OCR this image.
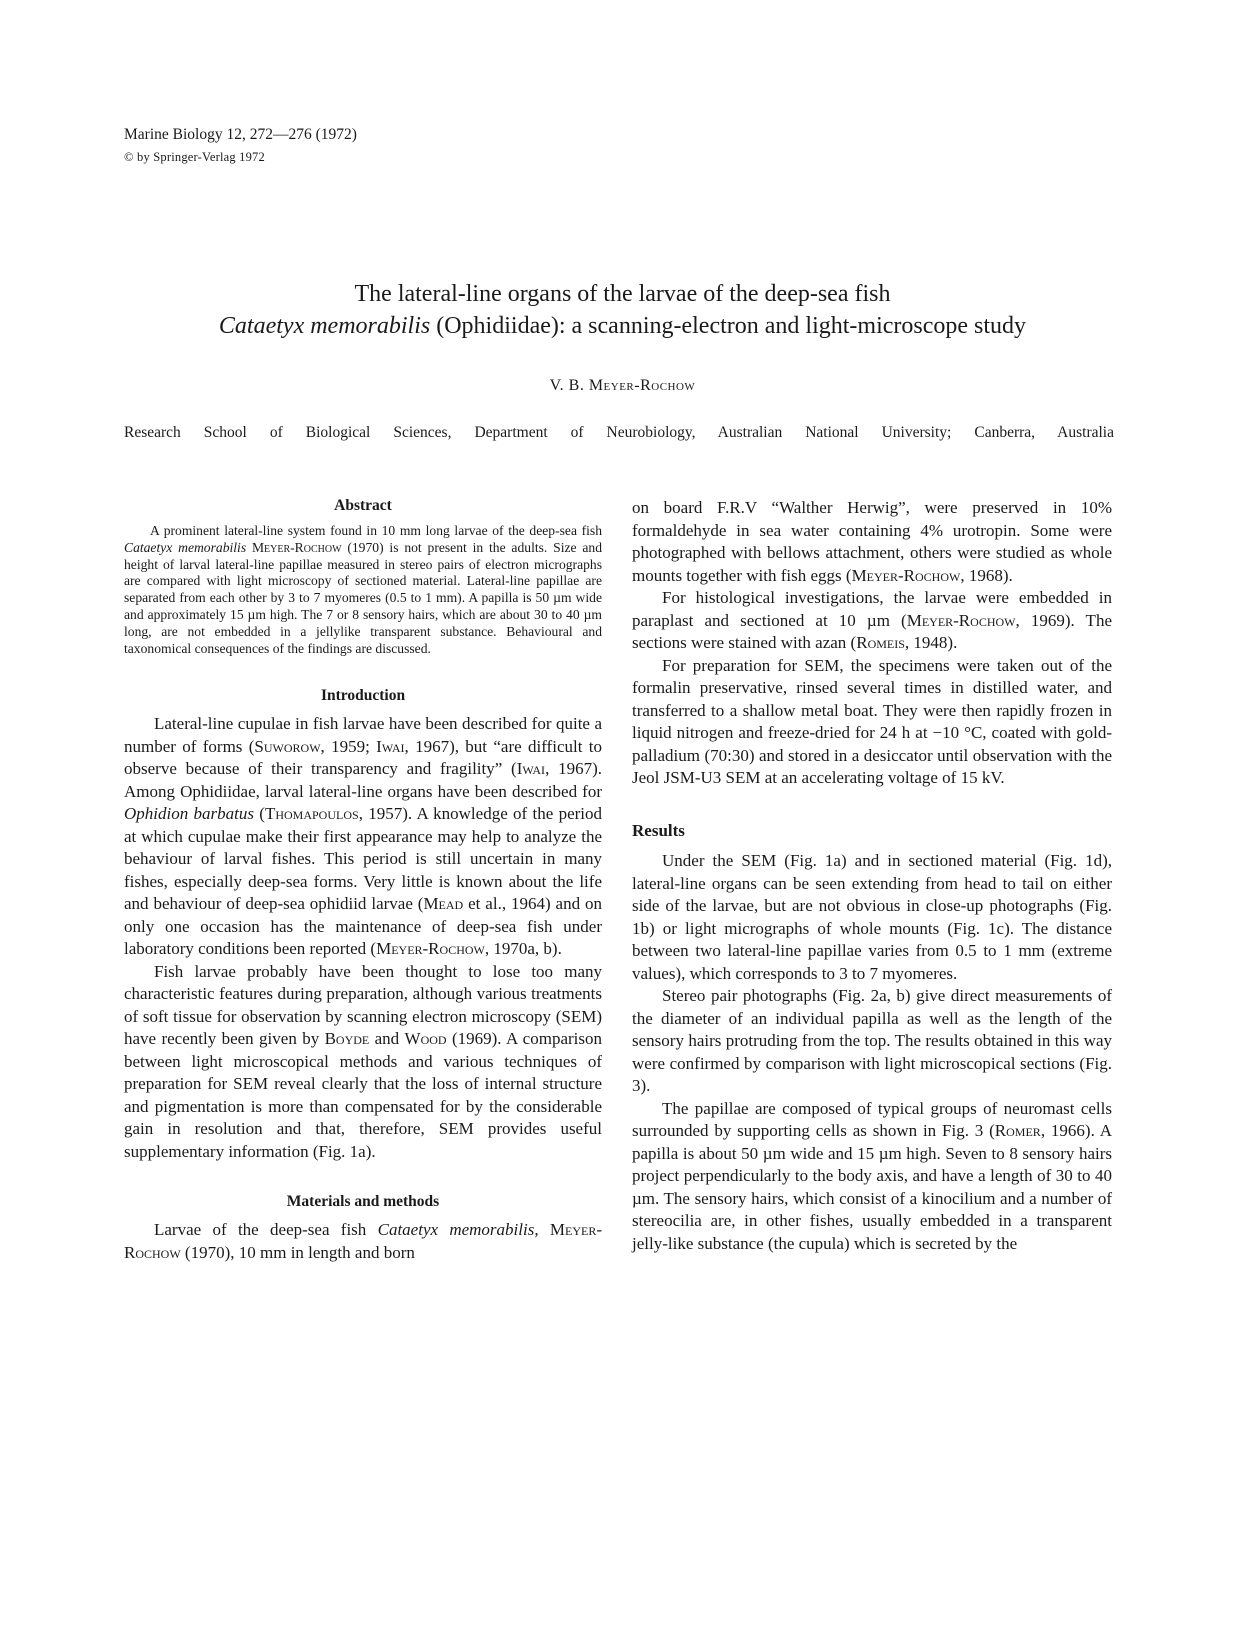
Marine Biology 12, 272—276 (1972)
© by Springer-Verlag 1972
The lateral-line organs of the larvae of the deep-sea fish
Cataetyx memorabilis (Ophidiidae): a scanning-electron and light-microscope study
V. B. Meyer-Rochow
Research School of Biological Sciences, Department of Neurobiology, Australian National University; Canberra, Australia

Abstract

A prominent lateral-line system found in 10 mm long larvae of the deep-sea fish Cataetyx memorabilis Meyer-Rochow (1970) is not present in the adults. Size and height of larval lateral-line papillae measured in stereo pairs of electron micrographs are compared with light microscopy of sectioned material. Lateral-line papillae are separated from each other by 3 to 7 myomeres (0.5 to 1 mm). A papilla is 50 µm wide and approximately 15 µm high. The 7 or 8 sensory hairs, which are about 30 to 40 µm long, are not embedded in a jellylike transparent substance. Behavioural and taxonomical consequences of the findings are discussed.

Introduction

Lateral-line cupulae in fish larvae have been described for quite a number of forms (Suworow, 1959; Iwai, 1967), but “are difficult to observe because of their transparency and fragility” (Iwai, 1967). Among Ophidiidae, larval lateral-line organs have been described for Ophidion barbatus (Thomapoulos, 1957). A knowledge of the period at which cupulae make their first appearance may help to analyze the behaviour of larval fishes. This period is still uncertain in many fishes, especially deep-sea forms. Very little is known about the life and behaviour of deep-sea ophidiid larvae (Mead et al., 1964) and on only one occasion has the maintenance of deep-sea fish under laboratory conditions been reported (Meyer-Rochow, 1970a, b).

Fish larvae probably have been thought to lose too many characteristic features during preparation, although various treatments of soft tissue for observation by scanning electron microscopy (SEM) have recently been given by Boyde and Wood (1969). A comparison between light microscopical methods and various techniques of preparation for SEM reveal clearly that the loss of internal structure and pigmentation is more than compensated for by the considerable gain in resolution and that, therefore, SEM provides useful supplementary information (Fig. 1a).

Materials and methods

Larvae of the deep-sea fish Cataetyx memorabilis, Meyer-Rochow (1970), 10 mm in length and born

on board F.R.V “Walther Herwig”, were preserved in 10% formaldehyde in sea water containing 4% urotropin. Some were photographed with bellows attachment, others were studied as whole mounts together with fish eggs (Meyer-Rochow, 1968).

For histological investigations, the larvae were embedded in paraplast and sectioned at 10 µm (Meyer-Rochow, 1969). The sections were stained with azan (Romeis, 1948).

For preparation for SEM, the specimens were taken out of the formalin preservative, rinsed several times in distilled water, and transferred to a shallow metal boat. They were then rapidly frozen in liquid nitrogen and freeze-dried for 24 h at −10 °C, coated with gold-palladium (70:30) and stored in a desiccator until observation with the Jeol JSM-U3 SEM at an accelerating voltage of 15 kV.

Results

Under the SEM (Fig. 1a) and in sectioned material (Fig. 1d), lateral-line organs can be seen extending from head to tail on either side of the larvae, but are not obvious in close-up photographs (Fig. 1b) or light micrographs of whole mounts (Fig. 1c). The distance between two lateral-line papillae varies from 0.5 to 1 mm (extreme values), which corresponds to 3 to 7 myomeres.

Stereo pair photographs (Fig. 2a, b) give direct measurements of the diameter of an individual papilla as well as the length of the sensory hairs protruding from the top. The results obtained in this way were confirmed by comparison with light microscopical sections (Fig. 3).

The papillae are composed of typical groups of neuromast cells surrounded by supporting cells as shown in Fig. 3 (Romer, 1966). A papilla is about 50 µm wide and 15 µm high. Seven to 8 sensory hairs project perpendicularly to the body axis, and have a length of 30 to 40 µm. The sensory hairs, which consist of a kinocilium and a number of stereocilia are, in other fishes, usually embedded in a transparent jelly-like substance (the cupula) which is secreted by the
